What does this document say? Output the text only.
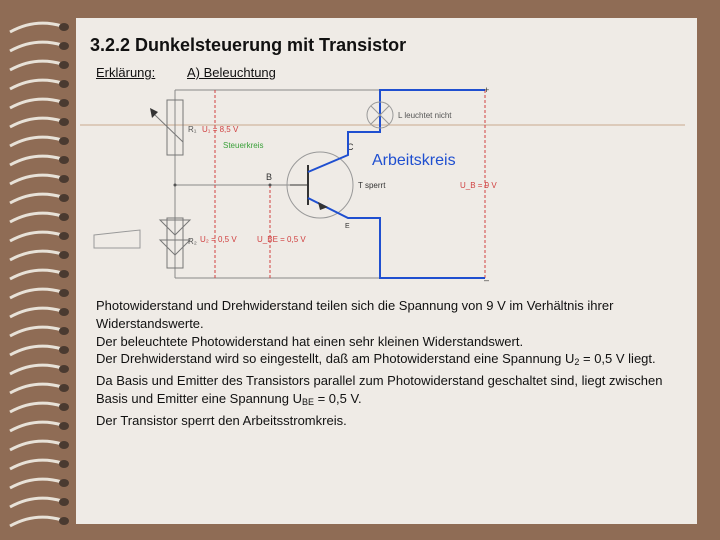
3.2.2 Dunkelsteuerung mit Transistor
Erklärung: A) Beleuchtung
R₁
R₂
U₁ = 8,5 V
U₂ = 0,5 V	U_BE = 0,5 V
U_B = 9 V
Steuerkreis
B
C
E
T sperrt
L leuchtet nicht
Arbeitskreis
+
–

Photowiderstand und Drehwiderstand teilen sich die Spannung von 9 V im Verhältnis ihrer Widerstandswerte.

Der beleuchtete Photowiderstand hat einen sehr kleinen Widerstandswert.

Der Drehwiderstand wird so eingestellt, daß am Photowiderstand eine Spannung $U_2 = 0,5$ V liegt.

Da Basis und Emitter des Transistors parallel zum Photowiderstand geschaltet sind, liegt zwischen Basis und Emitter eine Spannung $U_{BE} = 0,5$ V.

Der Transistor sperrt den Arbeitsstromkreis.
